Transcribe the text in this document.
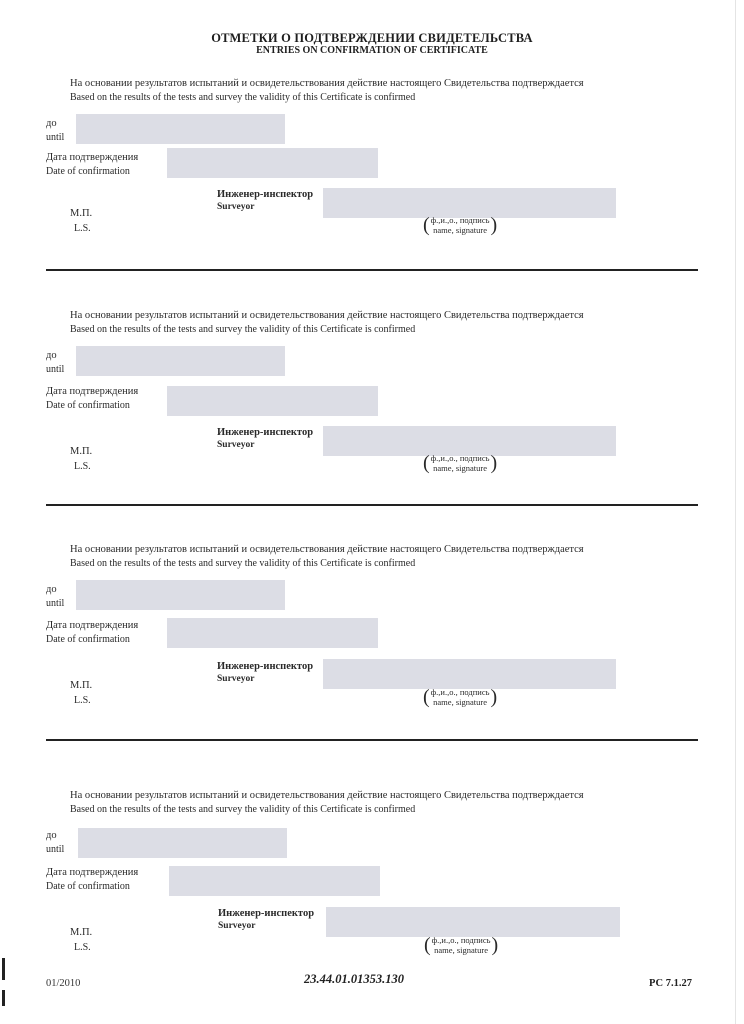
ОТМЕТКИ О ПОДТВЕРЖДЕНИИ СВИДЕТЕЛЬСТВА
ENTRIES ON CONFIRMATION OF CERTIFICATE
На основании результатов испытаний и освидетельствования действие настоящего Свидетельства подтверждается
Based on the results of the tests and survey the validity of this Certificate is confirmed
до
until
Дата подтверждения
Date of confirmation
Инженер-инспектор
Surveyor
М.П.
L.S.	( ф.,и.,о., подпись
name, signature )
На основании результатов испытаний и освидетельствования действие настоящего Свидетельства подтверждается
Based on the results of the tests and survey the validity of this Certificate is confirmed
до
until
Дата подтверждения
Date of confirmation
Инженер-инспектор
Surveyor
М.П.
L.S.	( ф.,и.,о., подпись
name, signature )
На основании результатов испытаний и освидетельствования действие настоящего Свидетельства подтверждается
Based on the results of the tests and survey the validity of this Certificate is confirmed
до
until
Дата подтверждения
Date of confirmation
Инженер-инспектор
Surveyor
М.П.
L.S.	( ф.,и.,о., подпись
name, signature )
На основании результатов испытаний и освидетельствования действие настоящего Свидетельства подтверждается
Based on the results of the tests and survey the validity of this Certificate is confirmed
до
until
Дата подтверждения
Date of confirmation
Инженер-инспектор
Surveyor
М.П.
L.S.	( ф.,и.,о., подпись
name, signature )
01/2010	23.44.01.01353.130	РС 7.1.27
